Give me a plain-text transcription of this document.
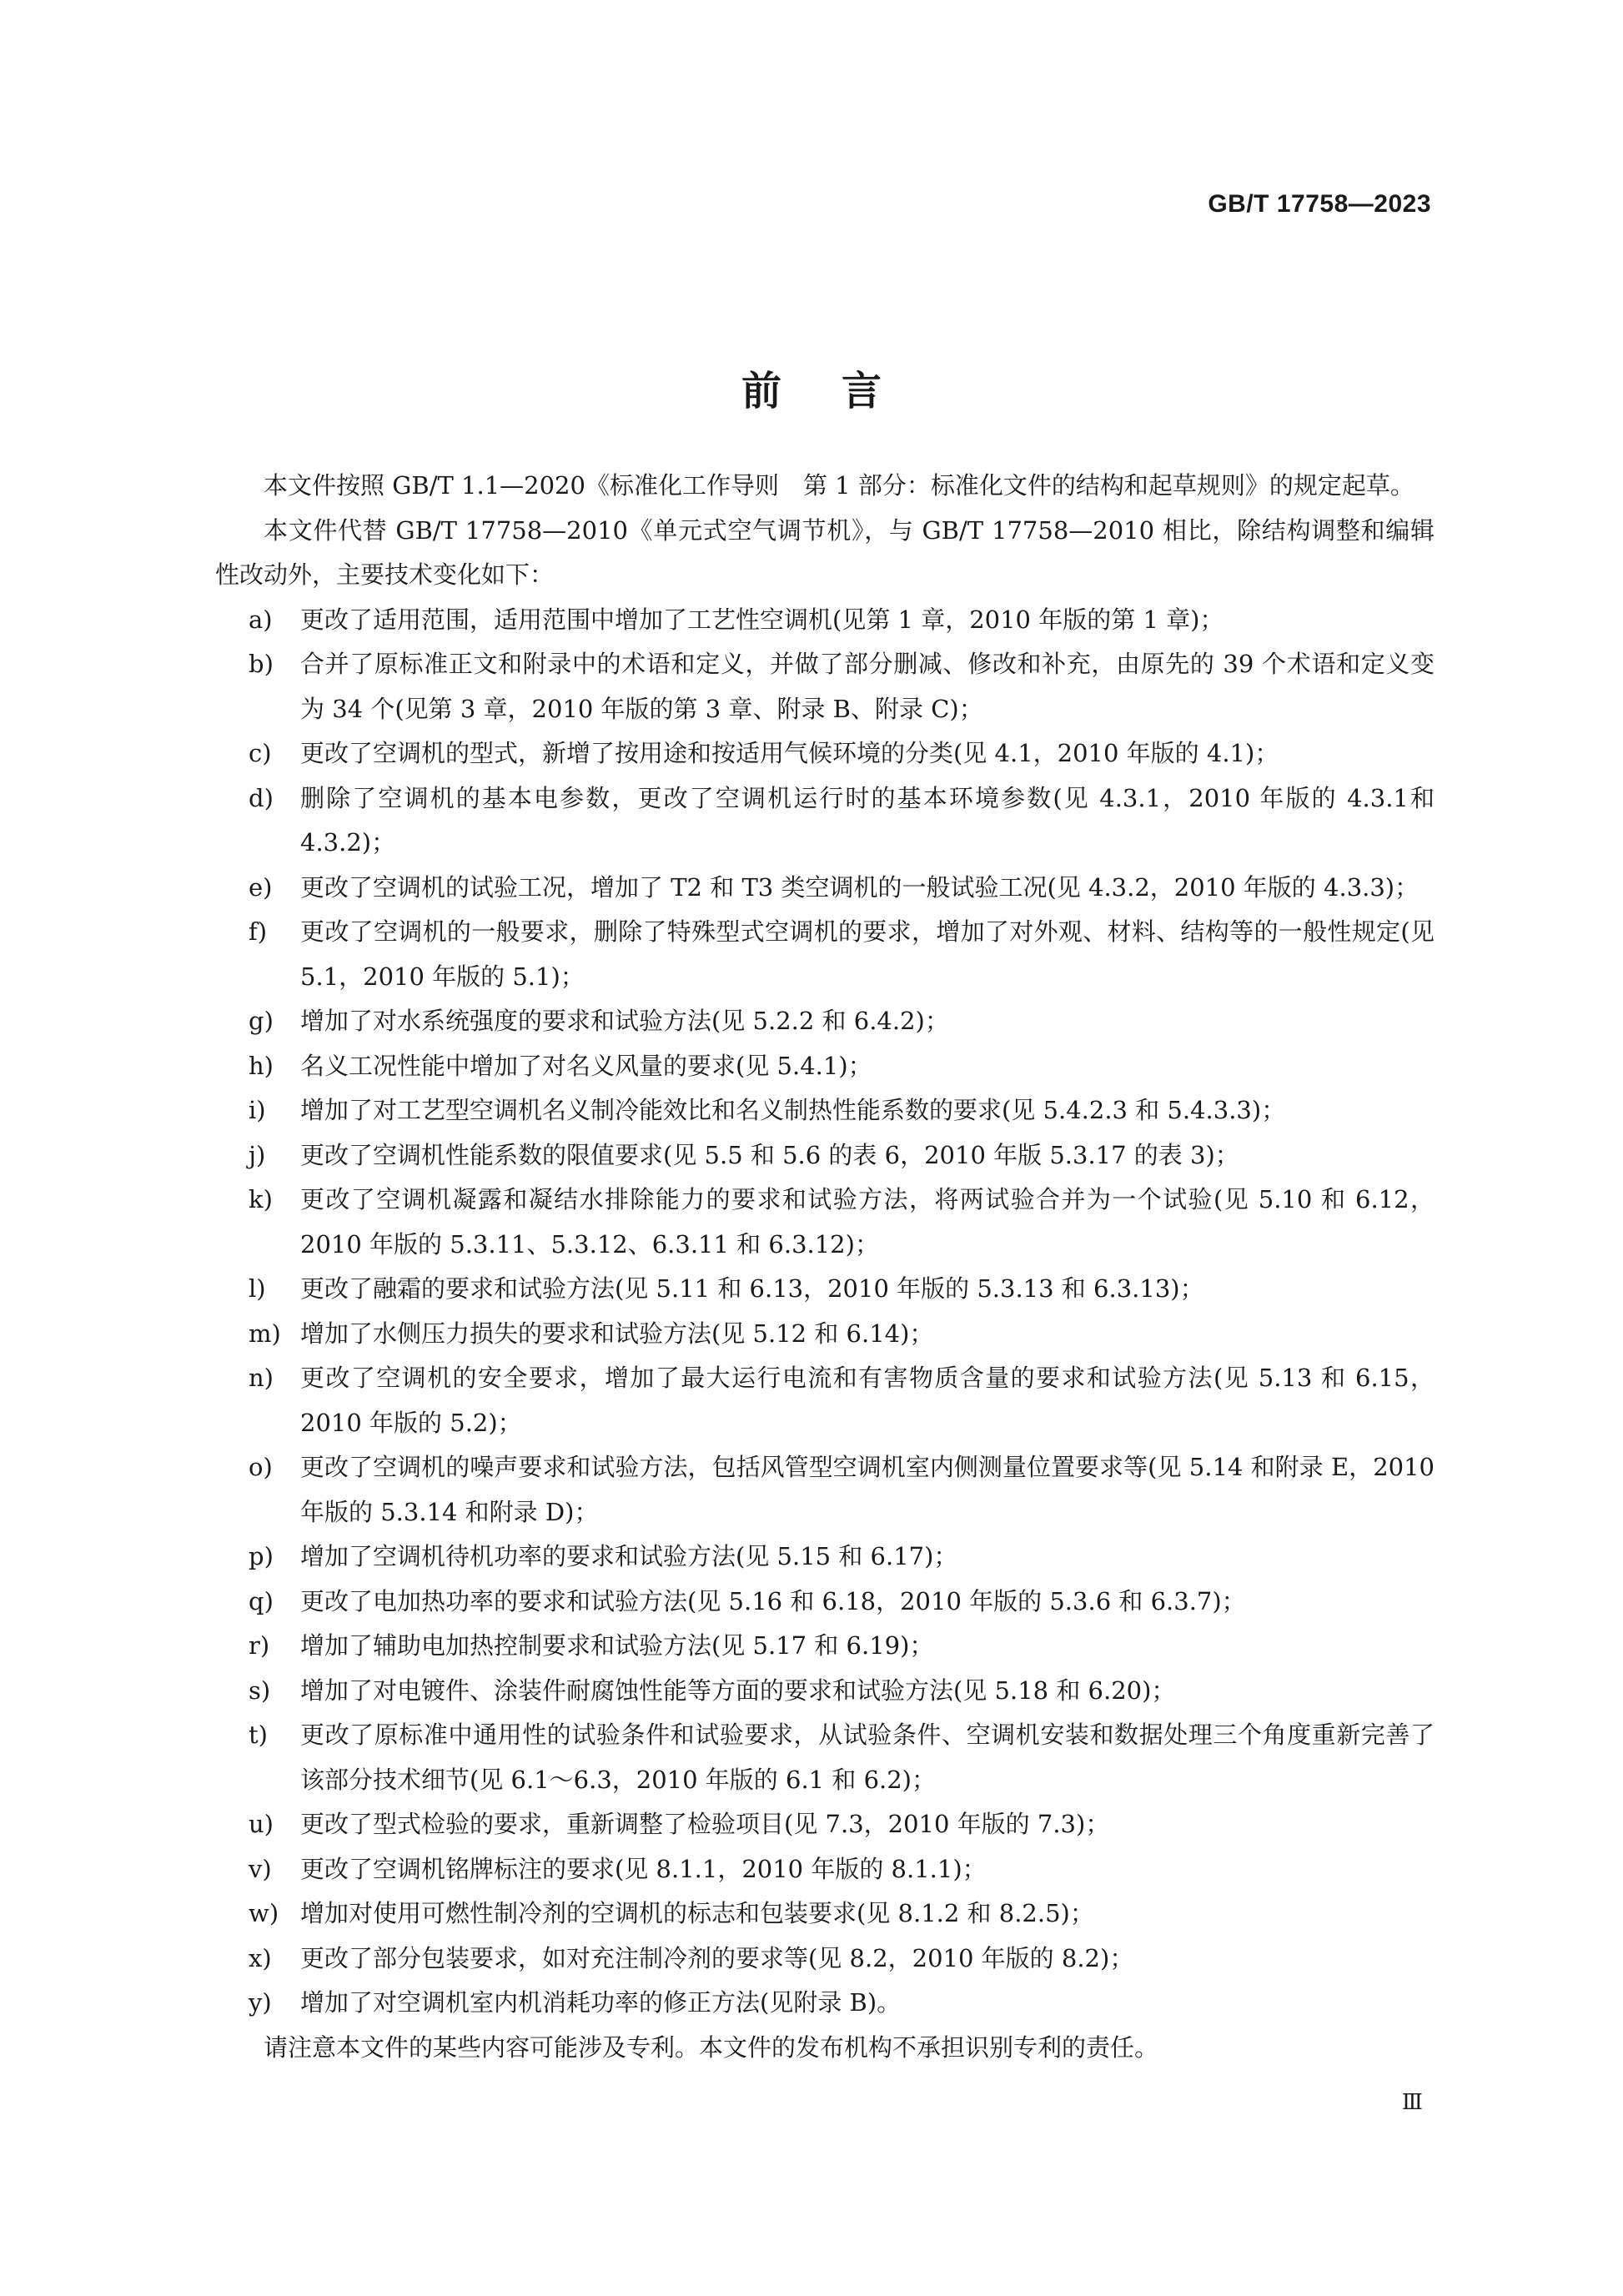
GB/T 17758—2023
前言

本文件按照 GB/T 1.1—2020《标准化工作导则　第 1 部分：标准化文件的结构和起草规则》的规定起草。

本文件代替 GB/T 17758—2010《单元式空气调节机》，与 GB/T 17758—2010 相比，除结构调整和编辑性改动外，主要技术变化如下：

a)	更改了适用范围，适用范围中增加了工艺性空调机(见第 1 章，2010 年版的第 1 章)；
b)	合并了原标准正文和附录中的术语和定义，并做了部分删减、修改和补充，由原先的 39 个术语和定义变为 34 个(见第 3 章，2010 年版的第 3 章、附录 B、附录 C)；
c)	更改了空调机的型式，新增了按用途和按适用气候环境的分类(见 4.1，2010 年版的 4.1)；
d)	删除了空调机的基本电参数，更改了空调机运行时的基本环境参数(见 4.3.1，2010 年版的 4.3.1和 4.3.2)；
e)	更改了空调机的试验工况，增加了 T2 和 T3 类空调机的一般试验工况(见 4.3.2，2010 年版的 4.3.3)；
f)	更改了空调机的一般要求，删除了特殊型式空调机的要求，增加了对外观、材料、结构等的一般性规定(见 5.1，2010 年版的 5.1)；
g)	增加了对水系统强度的要求和试验方法(见 5.2.2 和 6.4.2)；
h)	名义工况性能中增加了对名义风量的要求(见 5.4.1)；
i)	增加了对工艺型空调机名义制冷能效比和名义制热性能系数的要求(见 5.4.2.3 和 5.4.3.3)；
j)	更改了空调机性能系数的限值要求(见 5.5 和 5.6 的表 6，2010 年版 5.3.17 的表 3)；
k)	更改了空调机凝露和凝结水排除能力的要求和试验方法，将两试验合并为一个试验(见 5.10 和 6.12，2010 年版的 5.3.11、5.3.12、6.3.11 和 6.3.12)；
l)	更改了融霜的要求和试验方法(见 5.11 和 6.13，2010 年版的 5.3.13 和 6.3.13)；
m) 增加了水侧压力损失的要求和试验方法(见 5.12 和 6.14)；
n)	更改了空调机的安全要求，增加了最大运行电流和有害物质含量的要求和试验方法(见 5.13 和 6.15，2010 年版的 5.2)；
o)	更改了空调机的噪声要求和试验方法，包括风管型空调机室内侧测量位置要求等(见 5.14 和附录 E，2010 年版的 5.3.14 和附录 D)；
p)	增加了空调机待机功率的要求和试验方法(见 5.15 和 6.17)；
q)	更改了电加热功率的要求和试验方法(见 5.16 和 6.18，2010 年版的 5.3.6 和 6.3.7)；
r)	增加了辅助电加热控制要求和试验方法(见 5.17 和 6.19)；
s)	增加了对电镀件、涂装件耐腐蚀性能等方面的要求和试验方法(见 5.18 和 6.20)；
t)	更改了原标准中通用性的试验条件和试验要求，从试验条件、空调机安装和数据处理三个角度重新完善了该部分技术细节(见 6.1～6.3，2010 年版的 6.1 和 6.2)；
u)	更改了型式检验的要求，重新调整了检验项目(见 7.3，2010 年版的 7.3)；
v)	更改了空调机铭牌标注的要求(见 8.1.1，2010 年版的 8.1.1)；
w) 增加对使用可燃性制冷剂的空调机的标志和包装要求(见 8.1.2 和 8.2.5)；
x)	更改了部分包装要求，如对充注制冷剂的要求等(见 8.2，2010 年版的 8.2)；
y)	增加了对空调机室内机消耗功率的修正方法(见附录 B)。

请注意本文件的某些内容可能涉及专利。本文件的发布机构不承担识别专利的责任。

Ⅲ
